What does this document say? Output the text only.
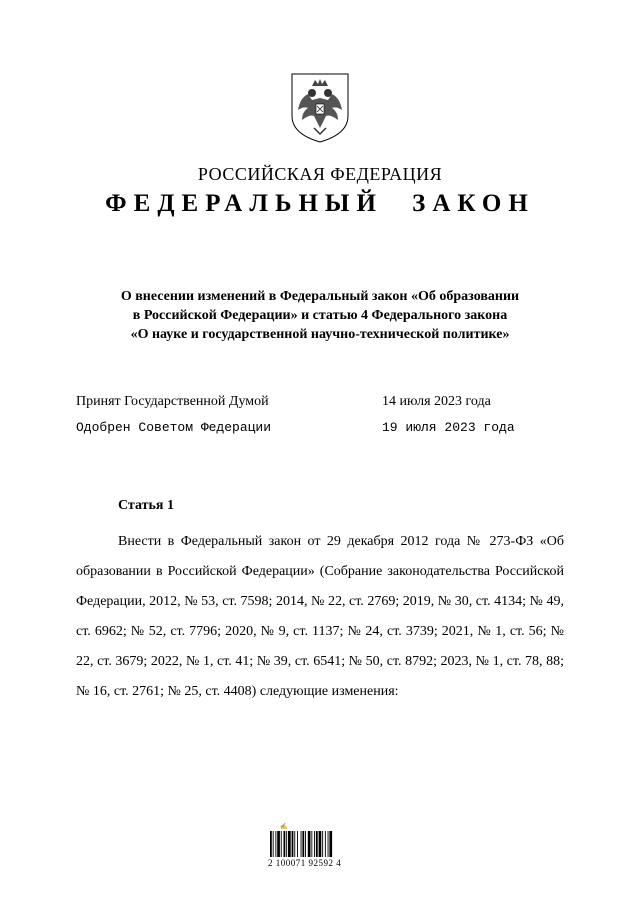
РОССИЙСКАЯ ФЕДЕРАЦИЯ
ФЕДЕРАЛЬНЫЙ ЗАКОН
О внесении изменений в Федеральный закон «Об образовании
в Российской Федерации» и статью 4 Федерального закона
«О науке и государственной научно-технической политике»
Принят Государственной Думой	14 июля 2023 года
Одобрен Советом Федерации	19 июля 2023 года
Статья 1
Внести в Федеральный закон от 29 декабря 2012 года № 273-ФЗ «Об образовании в Российской Федерации» (Собрание законодательства Российской Федерации, 2012, № 53, ст. 7598; 2014, № 22, ст. 2769; 2019, № 30, ст. 4134; № 49, ст. 6962; № 52, ст. 7796; 2020, № 9, ст. 1137; № 24, ст. 3739; 2021, № 1, ст. 56; № 22, ст. 3679; 2022, № 1, ст. 41; № 39, ст. 6541; № 50, ст. 8792; 2023, № 1, ст. 78, 88; № 16, ст. 2761; № 25, ст. 4408) следующие изменения:
✍
2 100071 92592 4
